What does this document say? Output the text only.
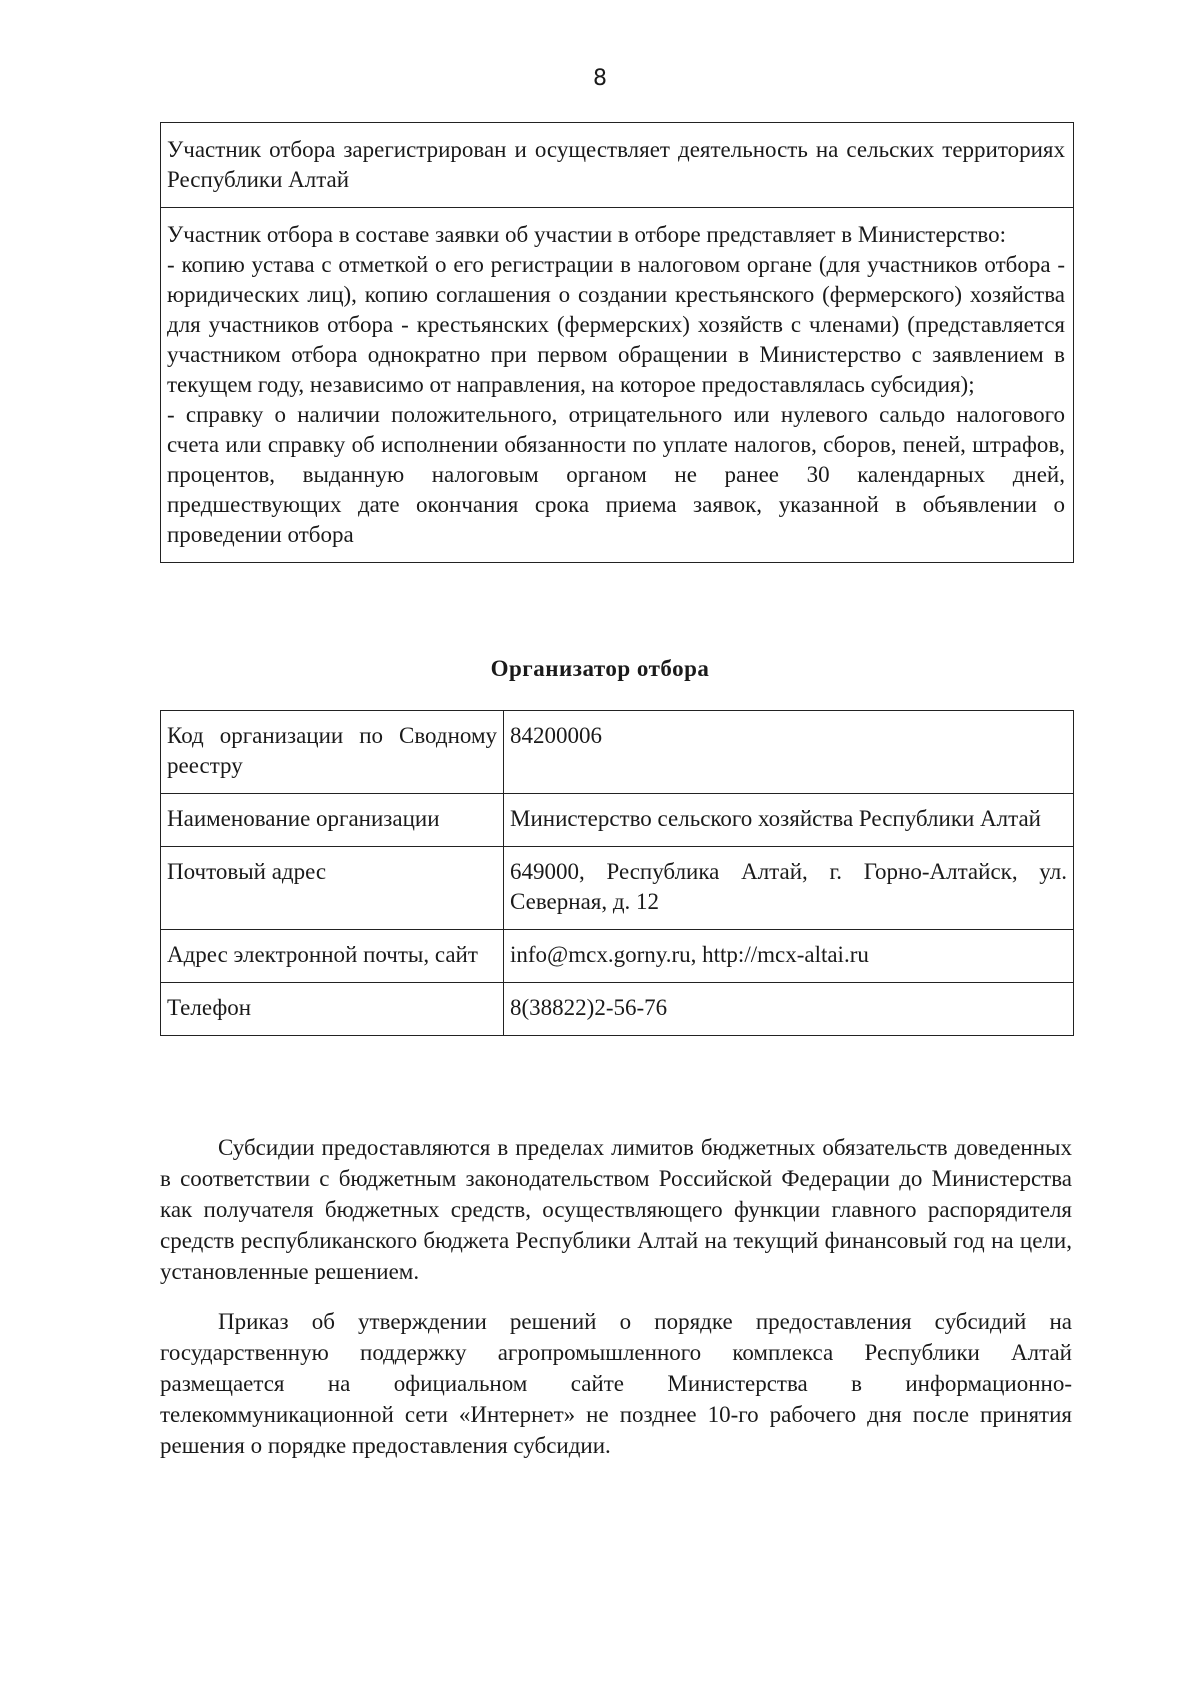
8

Участник отбора зарегистрирован и осуществляет деятельность на сельских территориях Республики Алтай

Участник отбора в составе заявки об участии в отборе представляет в Министерство:

- копию устава с отметкой о его регистрации в налоговом органе (для участников отбора - юридических лиц), копию соглашения о создании крестьянского (фермерского) хозяйства для участников отбора - крестьянских (фермерских) хозяйств с членами) (представляется участником отбора однократно при первом обращении в Министерство с заявлением в текущем году, независимо от направления, на которое предоставлялась субсидия);

- справку о наличии положительного, отрицательного или нулевого сальдо налогового счета или справку об исполнении обязанности по уплате налогов, сборов, пеней, штрафов, процентов, выданную налоговым органом не ранее 30 календарных дней, предшествующих дате окончания срока приема заявок, указанной в объявлении о проведении отбора

Организатор отбора
Код организации по Сводному реестру	84200006
Наименование организации	Министерство сельского хозяйства Республики Алтай
Почтовый адрес	649000, Республика Алтай, г. Горно-Алтайск, ул. Северная, д. 12
Адрес электронной почты, сайт	info@mcx.gorny.ru, http://mcx-altai.ru
Телефон	8(38822)2-56-76

Субсидии предоставляются в пределах лимитов бюджетных обязательств доведенных в соответствии с бюджетным законодательством Российской Федерации до Министерства как получателя бюджетных средств, осуществляющего функции главного распорядителя средств республиканского бюджета Республики Алтай на текущий финансовый год на цели, установленные решением.

Приказ об утверждении решений о порядке предоставления субсидий на государственную поддержку агропромышленного комплекса Республики Алтай размещается на официальном сайте Министерства в информационно-телекоммуникационной сети «Интернет» не позднее 10-го рабочего дня после принятия решения о порядке предоставления субсидии.
